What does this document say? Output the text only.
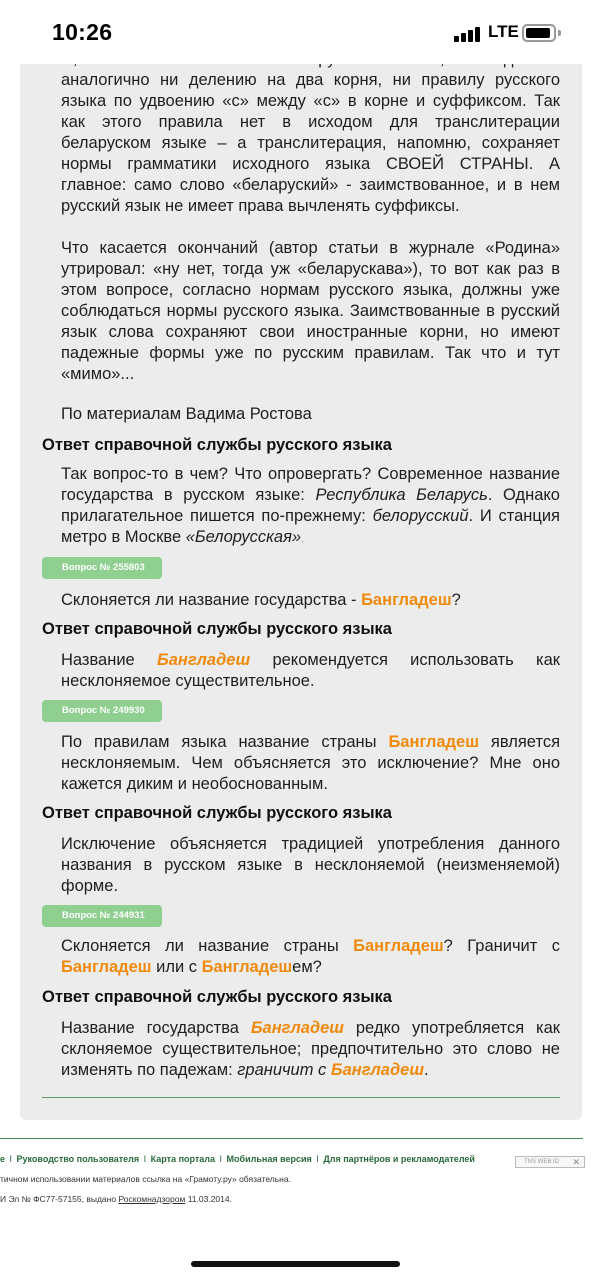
10:26	LTE
аналогично ни делению на два корня, ни правилу русского
языка по удвоению «с» между «с» в корне и суффиксом. Так
как этого правила нет в исходом для транслитерации
беларуском языке – а транслитерация, напомню, сохраняет
нормы грамматики исходного языка СВОЕЙ СТРАНЫ. А
главное: само слово «беларуский» - заимствованное, и в нем
русский язык не имеет права вычленять суффиксы.
Что касается окончаний (автор статьи в журнале «Родина»
утрировал: «ну нет, тогда уж «беларускава»), то вот как раз в
этом вопросе, согласно нормам русского языка, должны уже
соблюдаться нормы русского языка. Заимствованные в русский
язык слова сохраняют свои иностранные корни, но имеют
падежные формы уже по русским правилам. Так что и тут
«мимо»...
По материалам Вадима Ростова
Ответ справочной службы русского языка
Так вопрос-то в чем? Что опровергать? Современное название
государства в русском языке: Республика Беларусь. Однако
прилагательное пишется по-прежнему: белорусский. И станция
метро в Москве «Белорусская».
Вопрос № 255803
Склоняется ли название государства - Бангладеш?
Ответ справочной службы русского языка
Название Бангладеш рекомендуется использовать как
несклоняемое существительное.
Вопрос № 249930
По правилам языка название страны Бангладеш является
несклоняемым. Чем объясняется это исключение? Мне оно
кажется диким и необоснованным.
Ответ справочной службы русского языка
Исключение объясняется традицией употребления данного
названия в русском языке в несклоняемой (неизменяемой)
форме.
Вопрос № 244931
Склоняется ли название страны Бангладеш? Граничит с
Бангладеш или с Бангладешем?
Ответ справочной службы русского языка
Название государства Бангладеш редко употребляется как
склоняемое существительное; предпочтительно это слово не
изменять по падежам: граничит с Бангладеш.
е I Руководство пользователя I Карта портала I Мобильная версия I Для партнёров и рекламодателей	TNS WEB ID ✕
тичном использовании материалов ссылка на «Грамоту.ру» обязательна.
И Эл № ФС77-57155, выдано Роскомнадзором 11.03.2014.
